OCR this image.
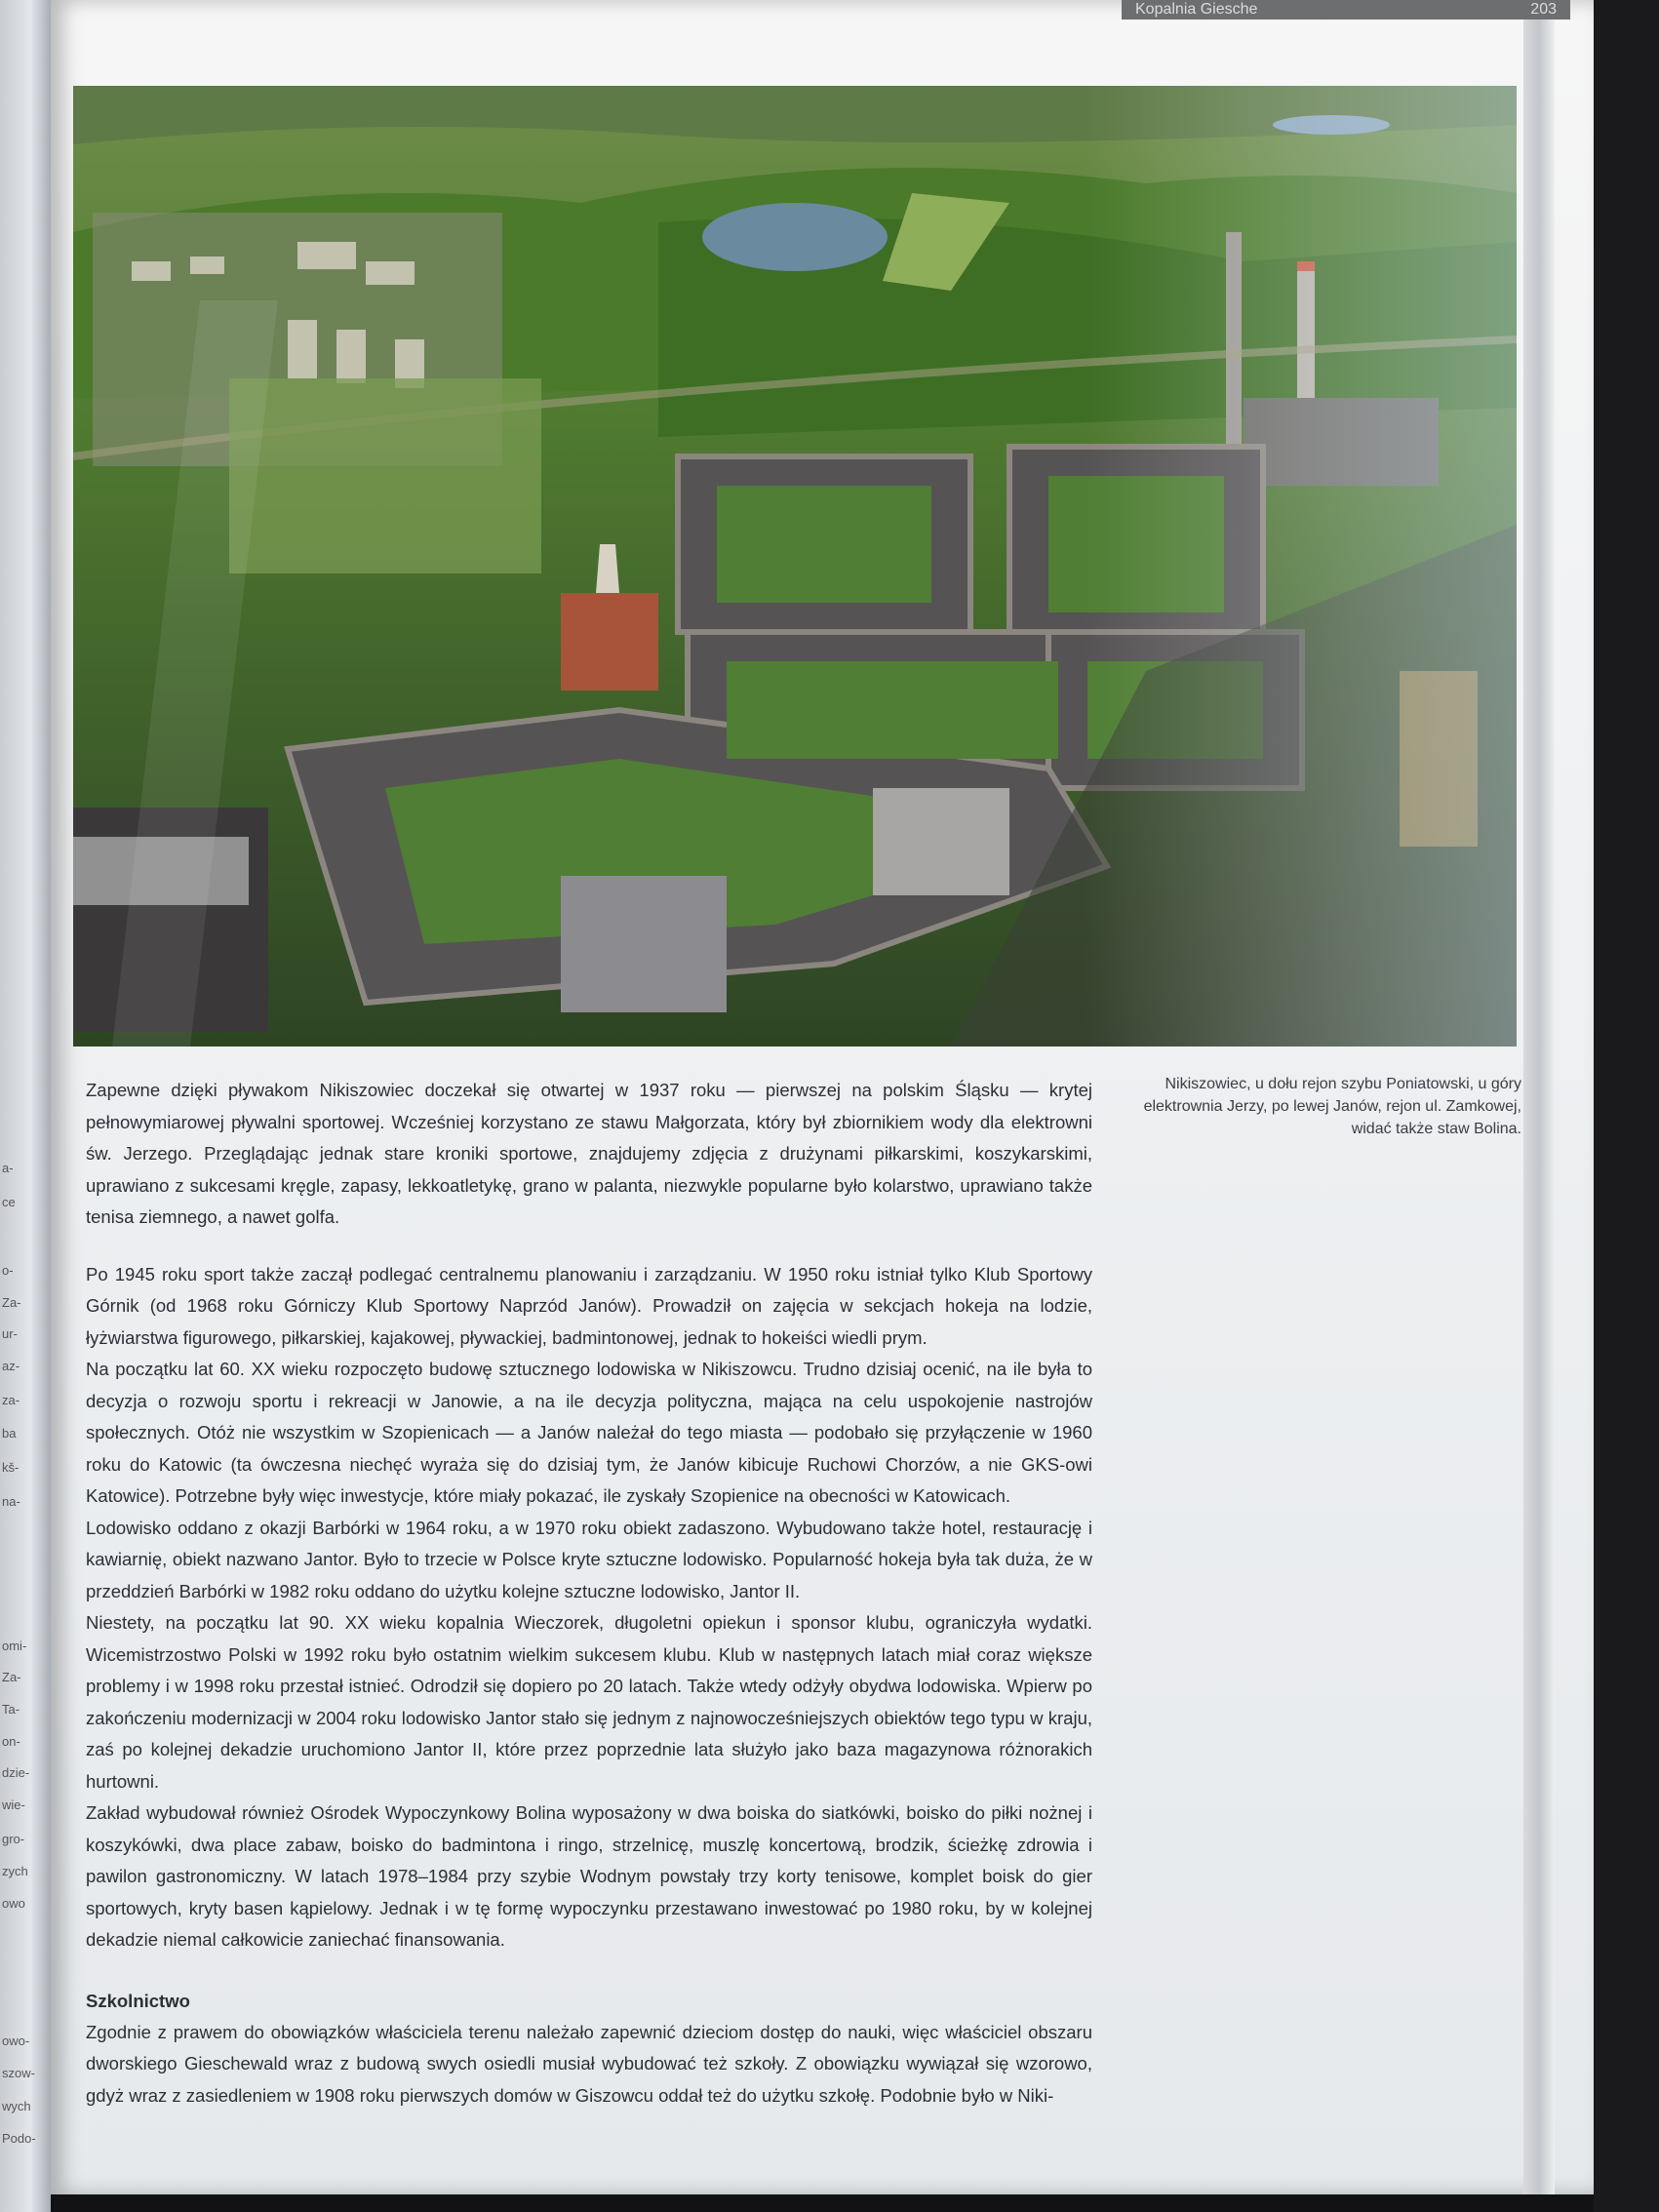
a-
ce
o-
Za-
ur-
az-
za-
ba
kš-
na-
omi-
Za-
Ta-
on-
dzie-
wie-
gro-
zych
owo
owo-
szow-
wych
Podo-
Kopalnia Giesche	203
Nikiszowiec, u dołu rejon szybu Poniatowski, u góry elektrownia Jerzy, po lewej Janów, rejon ul. Zamkowej, widać także staw Bolina.

Zapewne dzięki pływakom Nikiszowiec doczekał się otwartej w 1937 roku — pierwszej na polskim Śląsku — krytej pełnowymiarowej pływalni sportowej. Wcześniej korzystano ze stawu Małgorzata, który był zbiornikiem wody dla elektrowni św. Jerzego. Przeglądając jednak stare kroniki sportowe, znajdujemy zdjęcia z drużynami piłkarskimi, koszykarskimi, uprawiano z sukcesami kręgle, zapasy, lekkoatletykę, grano w palanta, niezwykle popularne było kolarstwo, uprawiano także tenisa ziemnego, a nawet golfa.

Po 1945 roku sport także zaczął podlegać centralnemu planowaniu i zarządzaniu. W 1950 roku istniał tylko Klub Sportowy Górnik (od 1968 roku Górniczy Klub Sportowy Naprzód Janów). Prowadził on zajęcia w sekcjach hokeja na lodzie, łyżwiarstwa figurowego, piłkarskiej, kajakowej, pływackiej, badmintonowej, jednak to hokeiści wiedli prym.

Na początku lat 60. XX wieku rozpoczęto budowę sztucznego lodowiska w Nikiszowcu. Trudno dzisiaj ocenić, na ile była to decyzja o rozwoju sportu i rekreacji w Janowie, a na ile decyzja polityczna, mająca na celu uspokojenie nastrojów społecznych. Otóż nie wszystkim w Szopienicach — a Janów należał do tego miasta — podobało się przyłączenie w 1960 roku do Katowic (ta ówczesna niechęć wyraża się do dzisiaj tym, że Janów kibicuje Ruchowi Chorzów, a nie GKS-owi Katowice). Potrzebne były więc inwestycje, które miały pokazać, ile zyskały Szopienice na obecności w Katowicach.

Lodowisko oddano z okazji Barbórki w 1964 roku, a w 1970 roku obiekt zadaszono. Wybudowano także hotel, restaurację i kawiarnię, obiekt nazwano Jantor. Było to trzecie w Polsce kryte sztuczne lodowisko. Popularność hokeja była tak duża, że w przeddzień Barbórki w 1982 roku oddano do użytku kolejne sztuczne lodowisko, Jantor II.

Niestety, na początku lat 90. XX wieku kopalnia Wieczorek, długoletni opiekun i sponsor klubu, ograniczyła wydatki. Wicemistrzostwo Polski w 1992 roku było ostatnim wielkim sukcesem klubu. Klub w następnych latach miał coraz większe problemy i w 1998 roku przestał istnieć. Odrodził się dopiero po 20 latach. Także wtedy odżyły obydwa lodowiska. Wpierw po zakończeniu modernizacji w 2004 roku lodowisko Jantor stało się jednym z najnowocześniejszych obiektów tego typu w kraju, zaś po kolejnej dekadzie uruchomiono Jantor II, które przez poprzednie lata służyło jako baza magazynowa różnorakich hurtowni.

Zakład wybudował również Ośrodek Wypoczynkowy Bolina wyposażony w dwa boiska do siatkówki, boisko do piłki nożnej i koszykówki, dwa place zabaw, boisko do badmintona i ringo, strzelnicę, muszlę koncertową, brodzik, ścieżkę zdrowia i pawilon gastronomiczny. W latach 1978–1984 przy szybie Wodnym powstały trzy korty tenisowe, komplet boisk do gier sportowych, kryty basen kąpielowy. Jednak i w tę formę wypoczynku przestawano inwestować po 1980 roku, by w kolejnej dekadzie niemal całkowicie zaniechać finansowania.

Szkolnictwo

Zgodnie z prawem do obowiązków właściciela terenu należało zapewnić dzieciom dostęp do nauki, więc właściciel obszaru dworskiego Gieschewald wraz z budową swych osiedli musiał wybudować też szkoły. Z obowiązku wywiązał się wzorowo, gdyż wraz z zasiedleniem w 1908 roku pierwszych domów w Giszowcu oddał też do użytku szkołę. Podobnie było w Niki-
